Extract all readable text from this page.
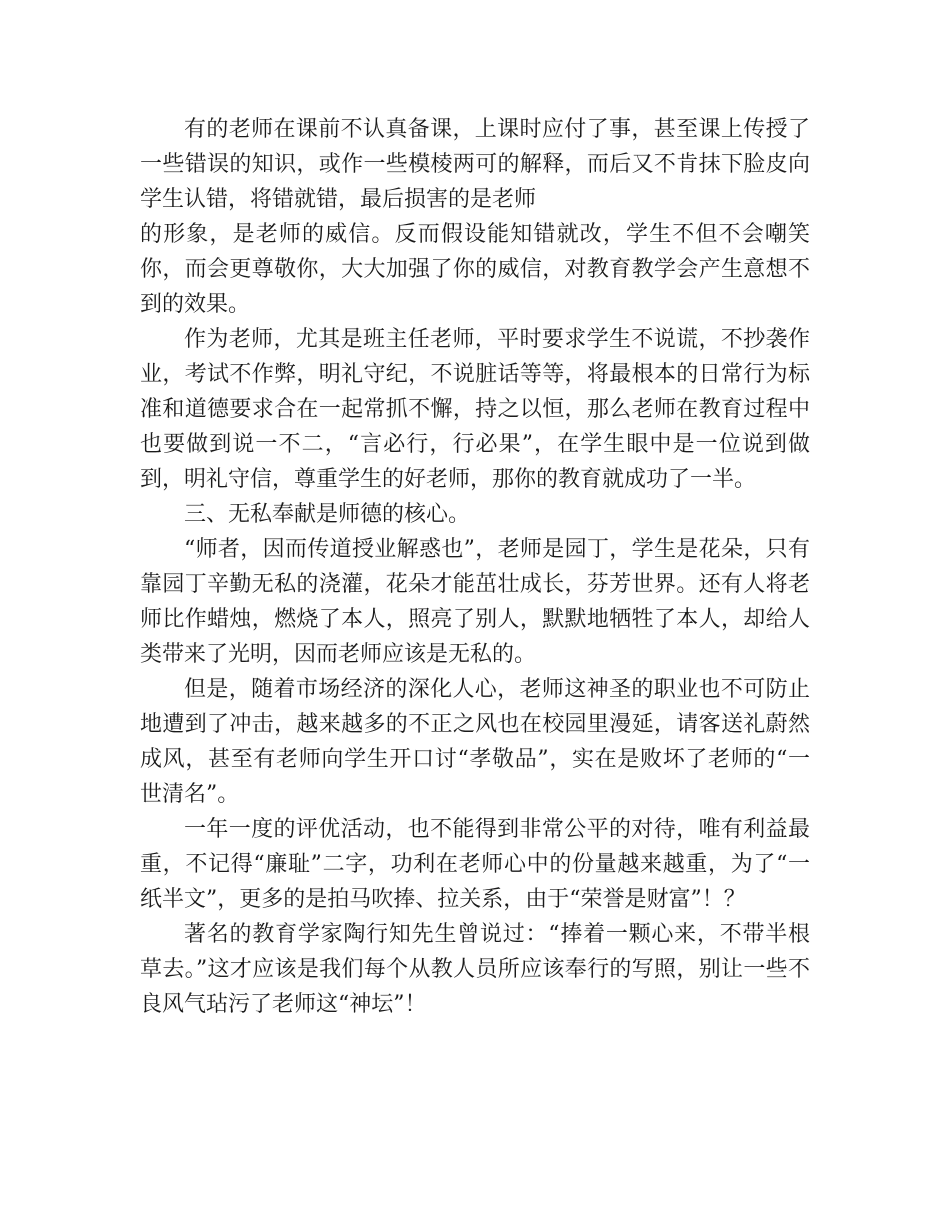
有的老师在课前不认真备课，上课时应付了事，甚至课上传授了一些错误的知识，或作一些模棱两可的解释，而后又不肯抹下脸皮向学生认错，将错就错，最后损害的是老师

的形象，是老师的威信。反而假设能知错就改，学生不但不会嘲笑你，而会更尊敬你，大大加强了你的威信，对教育教学会产生意想不到的效果。

作为老师，尤其是班主任老师，平时要求学生不说谎，不抄袭作业，考试不作弊，明礼守纪，不说脏话等等，将最根本的日常行为标准和道德要求合在一起常抓不懈，持之以恒，那么老师在教育过程中也要做到说一不二，“言必行，行必果”，在学生眼中是一位说到做到，明礼守信，尊重学生的好老师，那你的教育就成功了一半。

三、无私奉献是师德的核心。

“师者，因而传道授业解惑也”，老师是园丁，学生是花朵，只有靠园丁辛勤无私的浇灌，花朵才能茁壮成长，芬芳世界。还有人将老师比作蜡烛，燃烧了本人，照亮了别人，默默地牺牲了本人，却给人类带来了光明，因而老师应该是无私的。

但是，随着市场经济的深化人心，老师这神圣的职业也不可防止地遭到了冲击，越来越多的不正之风也在校园里漫延，请客送礼蔚然成风，甚至有老师向学生开口讨“孝敬品”，实在是败坏了老师的“一世清名”。

一年一度的评优活动，也不能得到非常公平的对待，唯有利益最重，不记得“廉耻”二字，功利在老师心中的份量越来越重，为了“一纸半文”，更多的是拍马吹捧、拉关系，由于“荣誉是财富”！？

著名的教育学家陶行知先生曾说过：“捧着一颗心来，不带半根草去。”这才应该是我们每个从教人员所应该奉行的写照，别让一些不良风气玷污了老师这“神坛”！
